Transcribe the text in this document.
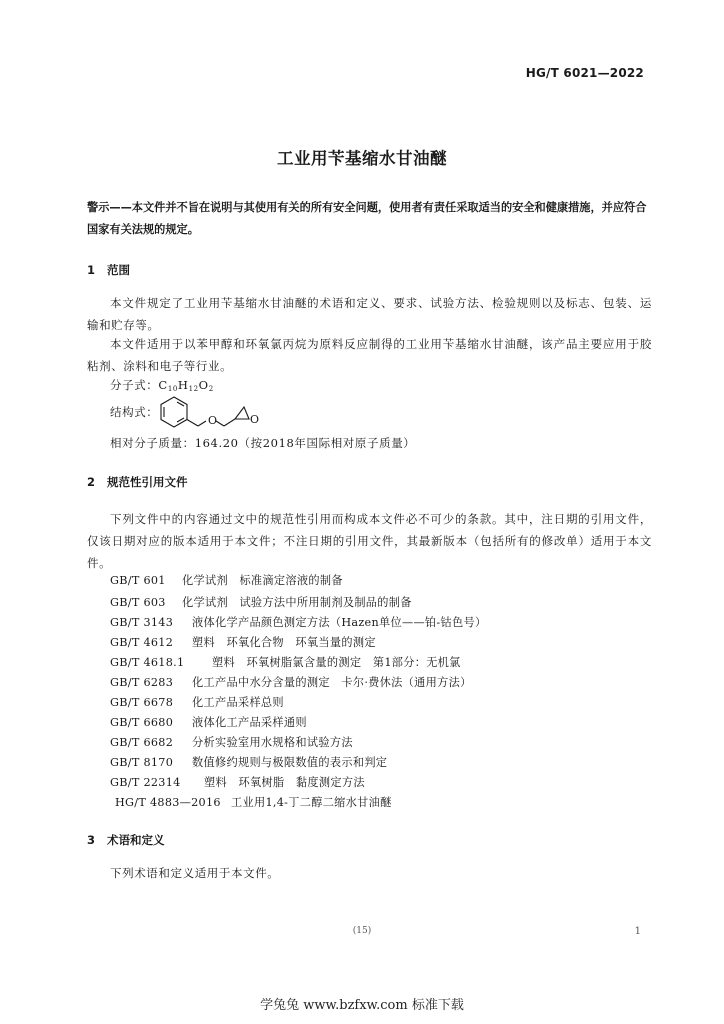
HG/T 6021—2022
工业用苄基缩水甘油醚
警示——本文件并不旨在说明与其使用有关的所有安全问题，使用者有责任采取适当的安全和健康措施，并应符合国家有关法规的规定。
1 范围
本文件规定了工业用苄基缩水甘油醚的术语和定义、要求、试验方法、检验规则以及标志、包装、运输和贮存等。
本文件适用于以苯甲醇和环氧氯丙烷为原料反应制得的工业用苄基缩水甘油醚，该产品主要应用于胶粘剂、涂料和电子等行业。
分子式：$C_{10}H_{12}O_2$
结构式：
O	O
相对分子质量：164.20（按2018年国际相对原子质量）
2 规范性引用文件
下列文件中的内容通过文中的规范性引用而构成本文件必不可少的条款。其中，注日期的引用文件，仅该日期对应的版本适用于本文件；不注日期的引用文件，其最新版本（包括所有的修改单）适用于本文件。
GB/T 601 化学试剂　标准滴定溶液的制备
GB/T 603 化学试剂　试验方法中所用制剂及制品的制备
GB/T 3143 液体化学产品颜色测定方法（Hazen单位——铂-钴色号）
GB/T 4612 塑料　环氧化合物　环氧当量的测定
GB/T 4618.1 塑料　环氧树脂氯含量的测定　第1部分：无机氯
GB/T 6283 化工产品中水分含量的测定　卡尔·费休法（通用方法）
GB/T 6678 化工产品采样总则
GB/T 6680 液体化工产品采样通则
GB/T 6682 分析实验室用水规格和试验方法
GB/T 8170 数值修约规则与极限数值的表示和判定
GB/T 22314 塑料　环氧树脂　黏度测定方法
HG/T 4883—2016 工业用1,4-丁二醇二缩水甘油醚
3 术语和定义
下列术语和定义适用于本文件。
(15)	1
学兔兔 www.bzfxw.com 标准下载
